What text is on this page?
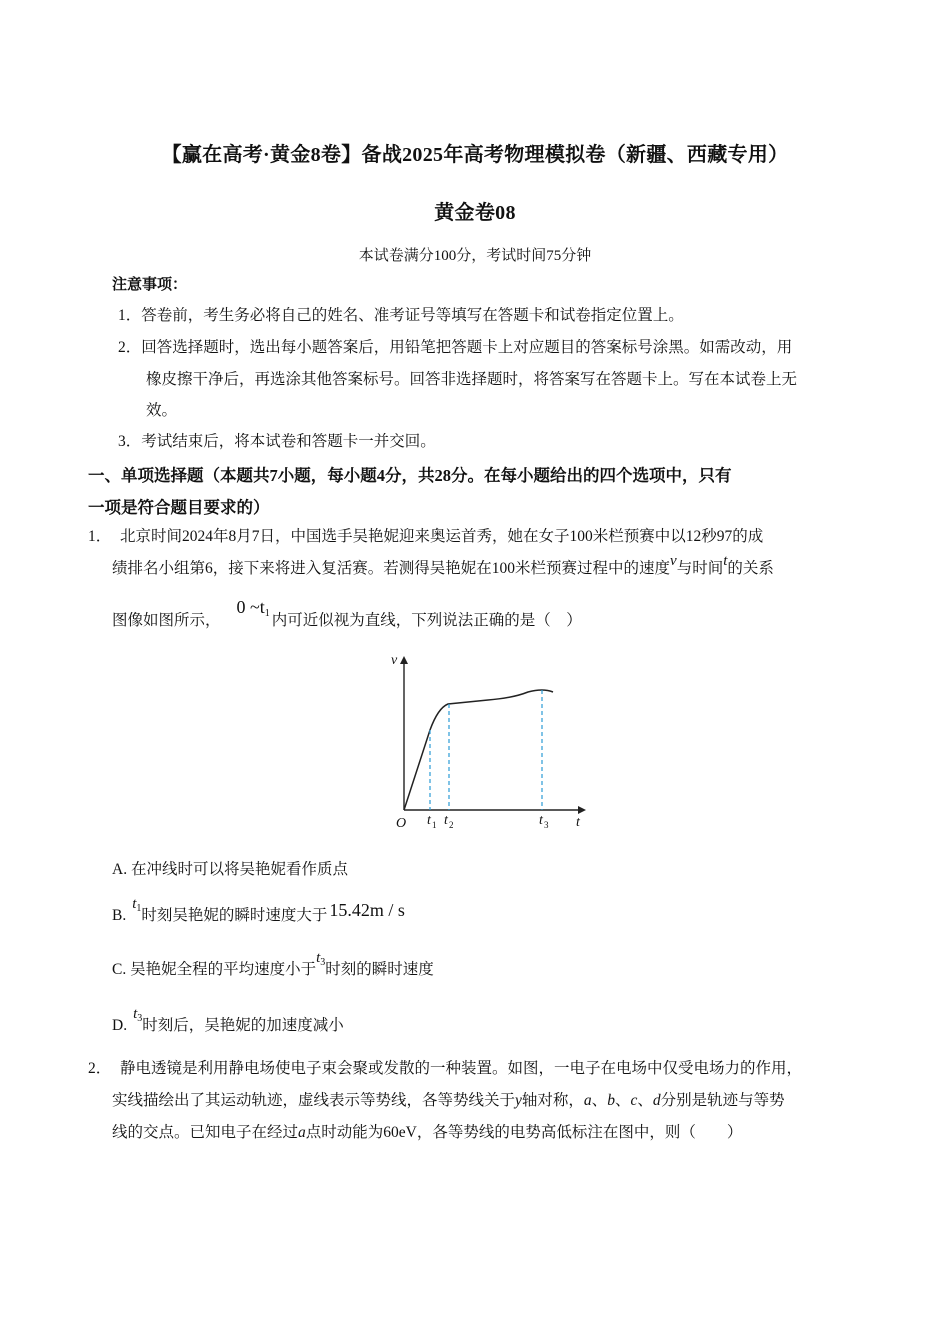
【赢在高考·黄金8卷】备战2025年高考物理模拟卷（新疆、西藏专用）
黄金卷08
本试卷满分100分，考试时间75分钟
注意事项：
1．答卷前，考生务必将自己的姓名、准考证号等填写在答题卡和试卷指定位置上。
2．回答选择题时，选出每小题答案后，用铅笔把答题卡上对应题目的答案标号涂黑。如需改动，用
橡皮擦干净后，再选涂其他答案标号。回答非选择题时，将答案写在答题卡上。写在本试卷上无
效。
3．考试结束后，将本试卷和答题卡一并交回。
一、单项选择题（本题共7小题，每小题4分，共28分。在每小题给出的四个选项中，只有
一项是符合题目要求的）
1． 北京时间2024年8月7日，中国选手吴艳妮迎来奥运首秀，她在女子100米栏预赛中以12秒97的成
绩排名小组第6，接下来将进入复活赛。若测得吴艳妮在100米栏预赛过程中的速度v与时间t的关系
图像如图所示，0 $\sim t_1$ 内可近似视为直线，下列说法正确的是（　）
v
t
O t 1 t 2	t 3
A. 在冲线时可以将吴艳妮看作质点
$B.t_1$时刻吴艳妮的瞬时速度大于 15.42m / s
C. 吴艳妮全程的平均速度小于$t_3$时刻的瞬时速度
$D.t_3$时刻后，吴艳妮的加速度减小
2． 静电透镜是利用静电场使电子束会聚或发散的一种装置。如图，一电子在电场中仅受电场力的作用，
实线描绘出了其运动轨迹，虚线表示等势线，各等势线关于y轴对称，a、b、c、d分别是轨迹与等势
线的交点。已知电子在经过a点时动能为60eV，各等势线的电势高低标注在图中，则（　　）
